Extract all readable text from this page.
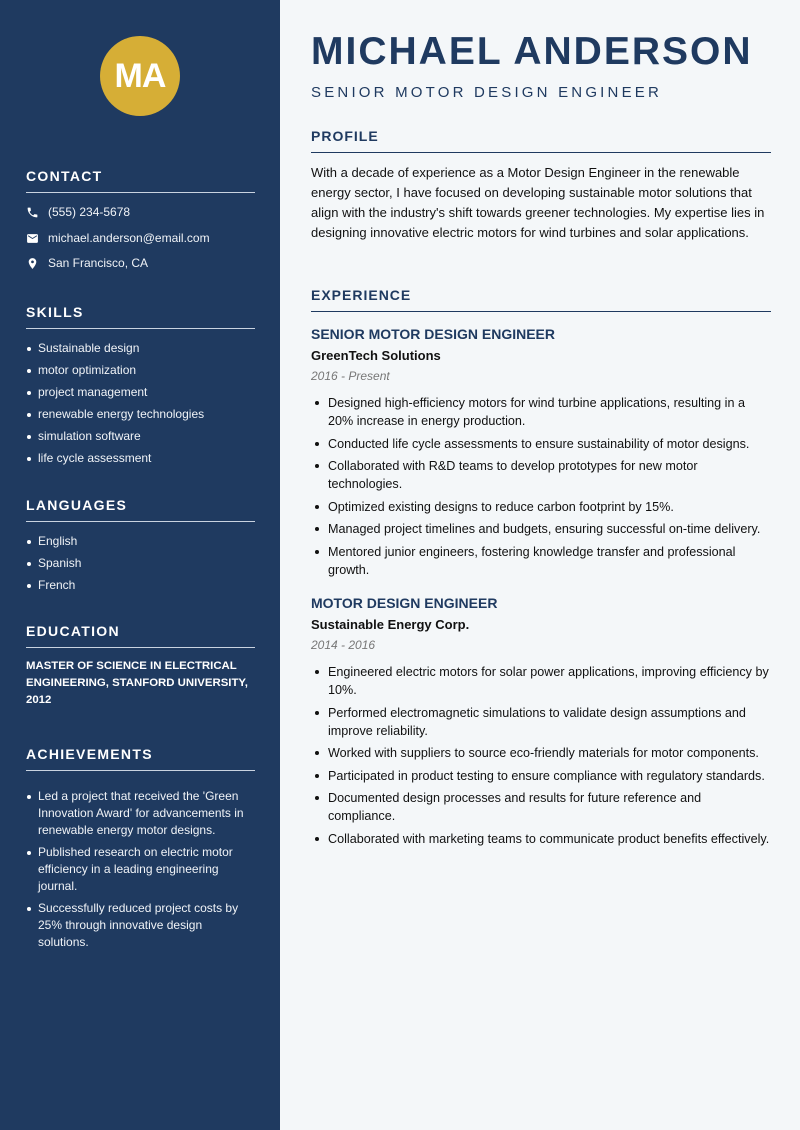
MA
CONTACT
(555) 234-5678
michael.anderson@email.com
San Francisco, CA
SKILLS
Sustainable design
motor optimization
project management
renewable energy technologies
simulation software
life cycle assessment
LANGUAGES
English
Spanish
French
EDUCATION
MASTER OF SCIENCE IN ELECTRICAL ENGINEERING, STANFORD UNIVERSITY, 2012
ACHIEVEMENTS
Led a project that received the 'Green Innovation Award' for advancements in renewable energy motor designs.
Published research on electric motor efficiency in a leading engineering journal.
Successfully reduced project costs by 25% through innovative design solutions.
MICHAEL ANDERSON
SENIOR MOTOR DESIGN ENGINEER
PROFILE
With a decade of experience as a Motor Design Engineer in the renewable energy sector, I have focused on developing sustainable motor solutions that align with the industry's shift towards greener technologies. My expertise lies in designing innovative electric motors for wind turbines and solar applications.
EXPERIENCE
SENIOR MOTOR DESIGN ENGINEER
GreenTech Solutions
2016 - Present
Designed high-efficiency motors for wind turbine applications, resulting in a 20% increase in energy production.
Conducted life cycle assessments to ensure sustainability of motor designs.
Collaborated with R&D teams to develop prototypes for new motor technologies.
Optimized existing designs to reduce carbon footprint by 15%.
Managed project timelines and budgets, ensuring successful on-time delivery.
Mentored junior engineers, fostering knowledge transfer and professional growth.
MOTOR DESIGN ENGINEER
Sustainable Energy Corp.
2014 - 2016
Engineered electric motors for solar power applications, improving efficiency by 10%.
Performed electromagnetic simulations to validate design assumptions and improve reliability.
Worked with suppliers to source eco-friendly materials for motor components.
Participated in product testing to ensure compliance with regulatory standards.
Documented design processes and results for future reference and compliance.
Collaborated with marketing teams to communicate product benefits effectively.
